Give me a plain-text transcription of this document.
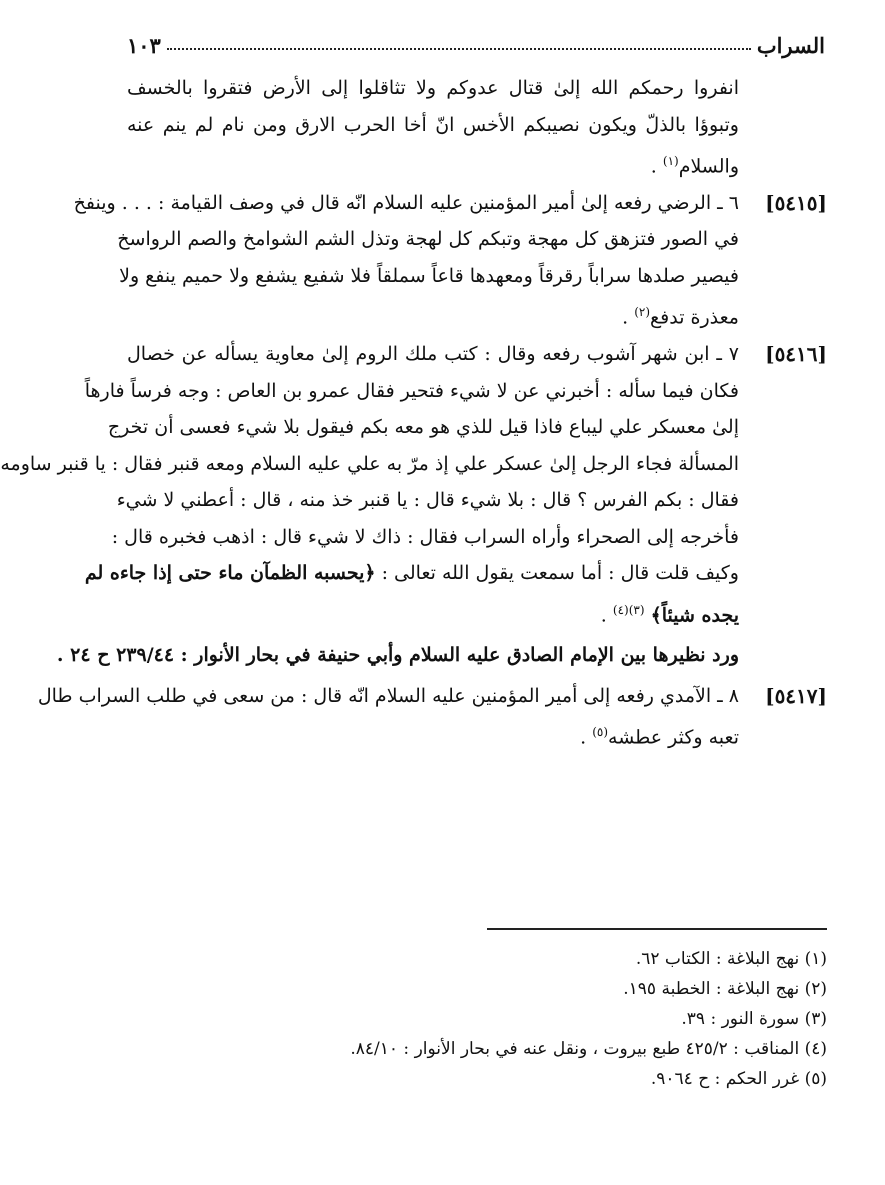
السراب
١٠٣
انفروا رحمكم الله إلىٰ قتال عدوكم ولا تثاقلوا إلى الأرض فتقروا بالخسف
وتبوؤا بالذلّ ويكون نصيبكم الأخس انّ أخا الحرب الارق ومن نام لم ينم عنه
والسلام$^{(١)}$ .
[٥٤١٥]
٦ ـ الرضي رفعه إلىٰ أمير المؤمنين عليه السلام انّه قال في وصف القيامة : . . . وينفخ
في الصور فتزهق كل مهجة وتبكم كل لهجة وتذل الشم الشوامخ والصم الرواسخ
فيصير صلدها سراباً رقرقاً ومعهدها قاعاً سملقاً فلا شفيع يشفع ولا حميم ينفع ولا
معذرة تدفع$^{(٢)}$ .
[٥٤١٦]
٧ ـ ابن شهر آشوب رفعه وقال : كتب ملك الروم إلىٰ معاوية يسأله عن خصال
فكان فيما سأله : أخبرني عن لا شيء فتحير فقال عمرو بن العاص : وجه فرساً فارهاً
إلىٰ معسكر علي ليباع فاذا قيل للذي هو معه بكم فيقول بلا شيء فعسى أن تخرج
المسألة فجاء الرجل إلىٰ عسكر علي إذ مرّ به علي عليه السلام ومعه قنبر فقال : يا قنبر ساومه
فقال : بكم الفرس ؟ قال : بلا شيء قال : يا قنبر خذ منه ، قال : أعطني لا شيء
فأخرجه إلى الصحراء وأراه السراب فقال : ذاك لا شيء قال : اذهب فخبره قال :
وكيف قلت قال : أما سمعت يقول الله تعالى : ﴿يحسبه الظمآن ماء حتى إذا جاءه لم
يجده شيئاً﴾ $^{(٣)(٤)}$ .
ورد نظيرها بين الإمام الصادق عليه السلام وأبي حنيفة في بحار الأنوار : ٢٣٩/٤٤ ح ٢٤ .
[٥٤١٧]
٨ ـ الآمدي رفعه إلى أمير المؤمنين عليه السلام انّه قال : من سعى في طلب السراب طال
تعبه وكثر عطشه$^{(٥)}$ .
(١) نهج البلاغة : الكتاب ٦٢.
(٢) نهج البلاغة : الخطبة ١٩٥.
(٣) سورة النور : ٣٩.
(٤) المناقب : ٤٢٥/٢ طبع بيروت ، ونقل عنه في بحار الأنوار : ٨٤/١٠.
(٥) غرر الحكم : ح ٩٠٦٤.
